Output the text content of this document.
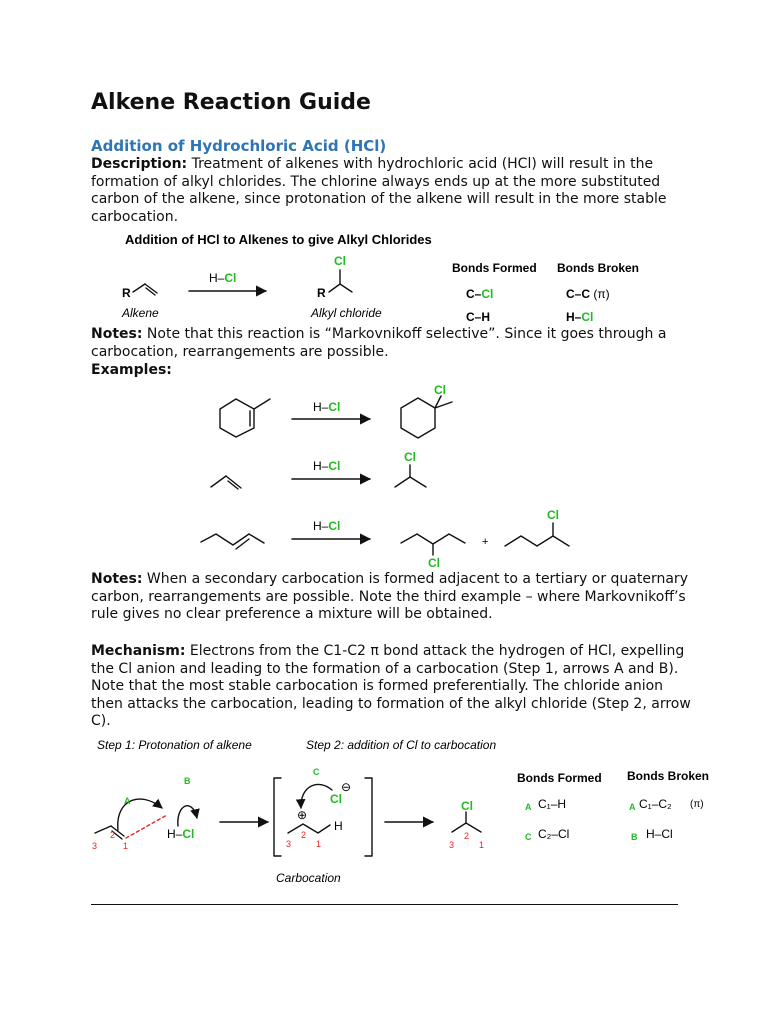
Alkene Reaction Guide
Addition of Hydrochloric Acid (HCl)

Description: Treatment of alkenes with hydrochloric acid (HCl) will result in the formation of alkyl chlorides. The chlorine always ends up at the more substituted carbon of the alkene, since protonation of the alkene will result in the more stable carbocation.

Notes: Note that this reaction is “Markovnikoff selective”. Since it goes through a carbocation, rearrangements are possible.

Examples:

Notes: When a secondary carbocation is formed adjacent to a tertiary or quaternary carbon, rearrangements are possible. Note the third example – where Markovnikoff’s rule gives no clear preference a mixture will be obtained.

Mechanism: Electrons from the C1-C2 π bond attack the hydrogen of HCl, expelling the Cl anion and leading to the formation of a carbocation (Step 1, arrows A and B). Note that the most stable carbocation is formed preferentially. The chloride anion then attacks the carbocation, leading to formation of the alkyl chloride (Step 2, arrow C).

Addition of HCl to Alkenes to give Alkyl Chlorides
R
Alkene
H–Cl
Cl
R
Alkyl chloride
Bonds Formed Bonds Broken
C–Cl
C–H
C–C (π)
H–Cl
H–Cl
Cl
H–Cl
Cl
H–Cl
Cl
+
Cl
Step 1: Protonation of alkene	Step 2: addition of Cl to carbocation
A
H–Cl
B
3
2
1
C
Cl
⊖
⊕
H
3
2
1
Carbocation
Cl
3
2
1
Bonds Formed Bonds Broken
A C₁–H
C C₂–Cl
A C₁–C₂ (π)
B H–Cl
